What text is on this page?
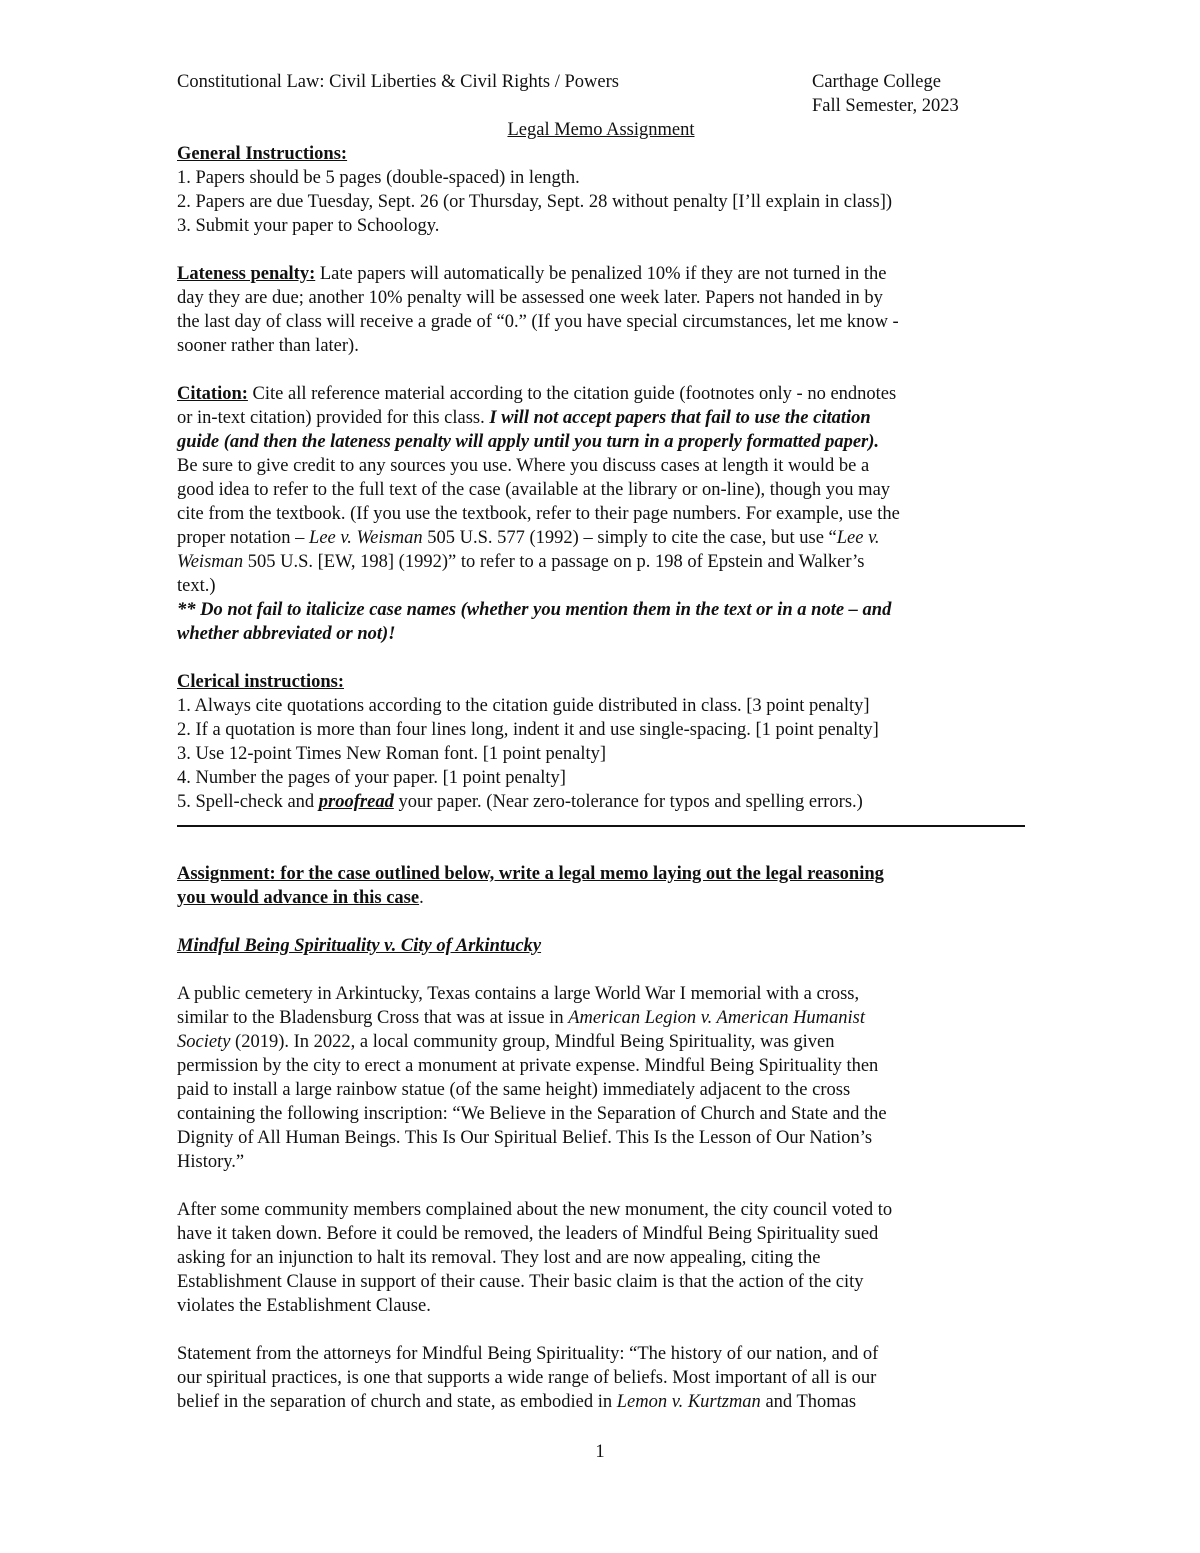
Constitutional Law: Civil Liberties & Civil Rights / Powers	Carthage College
Fall Semester, 2023
Legal Memo Assignment
General Instructions:
1. Papers should be 5 pages (double-spaced) in length.
2. Papers are due Tuesday, Sept. 26 (or Thursday, Sept. 28 without penalty [I’ll explain in class])
3. Submit your paper to Schoology.
Lateness penalty: Late papers will automatically be penalized 10% if they are not turned in the
day they are due; another 10% penalty will be assessed one week later. Papers not handed in by
the last day of class will receive a grade of “0.” (If you have special circumstances, let me know -
sooner rather than later).
Citation: Cite all reference material according to the citation guide (footnotes only - no endnotes
or in-text citation) provided for this class. I will not accept papers that fail to use the citation
guide (and then the lateness penalty will apply until you turn in a properly formatted paper).
Be sure to give credit to any sources you use. Where you discuss cases at length it would be a
good idea to refer to the full text of the case (available at the library or on-line), though you may
cite from the textbook. (If you use the textbook, refer to their page numbers. For example, use the
proper notation – Lee v. Weisman 505 U.S. 577 (1992) – simply to cite the case, but use “Lee v.
Weisman 505 U.S. [EW, 198] (1992)” to refer to a passage on p. 198 of Epstein and Walker’s
text.)
** Do not fail to italicize case names (whether you mention them in the text or in a note – and
whether abbreviated or not)!
Clerical instructions:
1. Always cite quotations according to the citation guide distributed in class. [3 point penalty]
2. If a quotation is more than four lines long, indent it and use single-spacing. [1 point penalty]
3. Use 12-point Times New Roman font. [1 point penalty]
4. Number the pages of your paper. [1 point penalty]
5. Spell-check and proofread your paper. (Near zero-tolerance for typos and spelling errors.)
Assignment: for the case outlined below, write a legal memo laying out the legal reasoning
you would advance in this case.
Mindful Being Spirituality v. City of Arkintucky
A public cemetery in Arkintucky, Texas contains a large World War I memorial with a cross,
similar to the Bladensburg Cross that was at issue in American Legion v. American Humanist
Society (2019). In 2022, a local community group, Mindful Being Spirituality, was given
permission by the city to erect a monument at private expense. Mindful Being Spirituality then
paid to install a large rainbow statue (of the same height) immediately adjacent to the cross
containing the following inscription: “We Believe in the Separation of Church and State and the
Dignity of All Human Beings. This Is Our Spiritual Belief. This Is the Lesson of Our Nation’s
History.”
After some community members complained about the new monument, the city council voted to
have it taken down. Before it could be removed, the leaders of Mindful Being Spirituality sued
asking for an injunction to halt its removal. They lost and are now appealing, citing the
Establishment Clause in support of their cause. Their basic claim is that the action of the city
violates the Establishment Clause.
Statement from the attorneys for Mindful Being Spirituality: “The history of our nation, and of
our spiritual practices, is one that supports a wide range of beliefs. Most important of all is our
belief in the separation of church and state, as embodied in Lemon v. Kurtzman and Thomas
1
